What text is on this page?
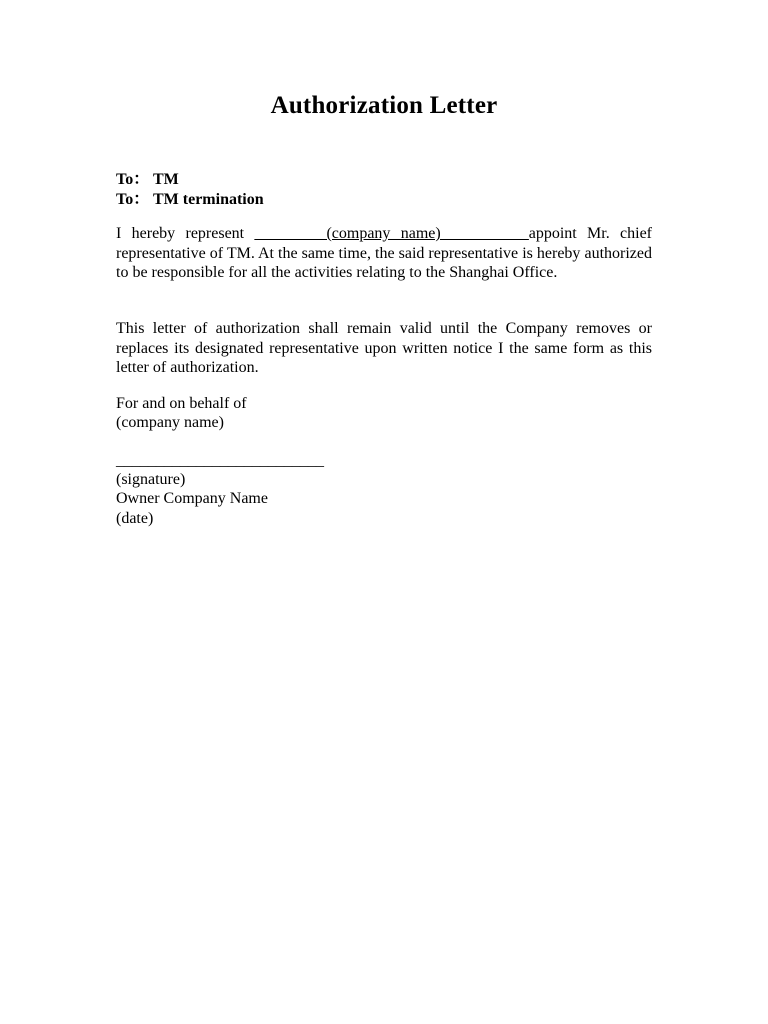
Authorization Letter
To： TM
To： TM termination
I hereby represent _________(company name)___________appoint Mr. chief representative of TM. At the same time, the said representative is hereby authorized to be responsible for all the activities relating to the Shanghai Office.
This letter of authorization shall remain valid until the Company removes or replaces its designated representative upon written notice I the same form as this letter of authorization.
For and on behalf of
(company name)
__________________________
(signature)
Owner Company Name
(date)
